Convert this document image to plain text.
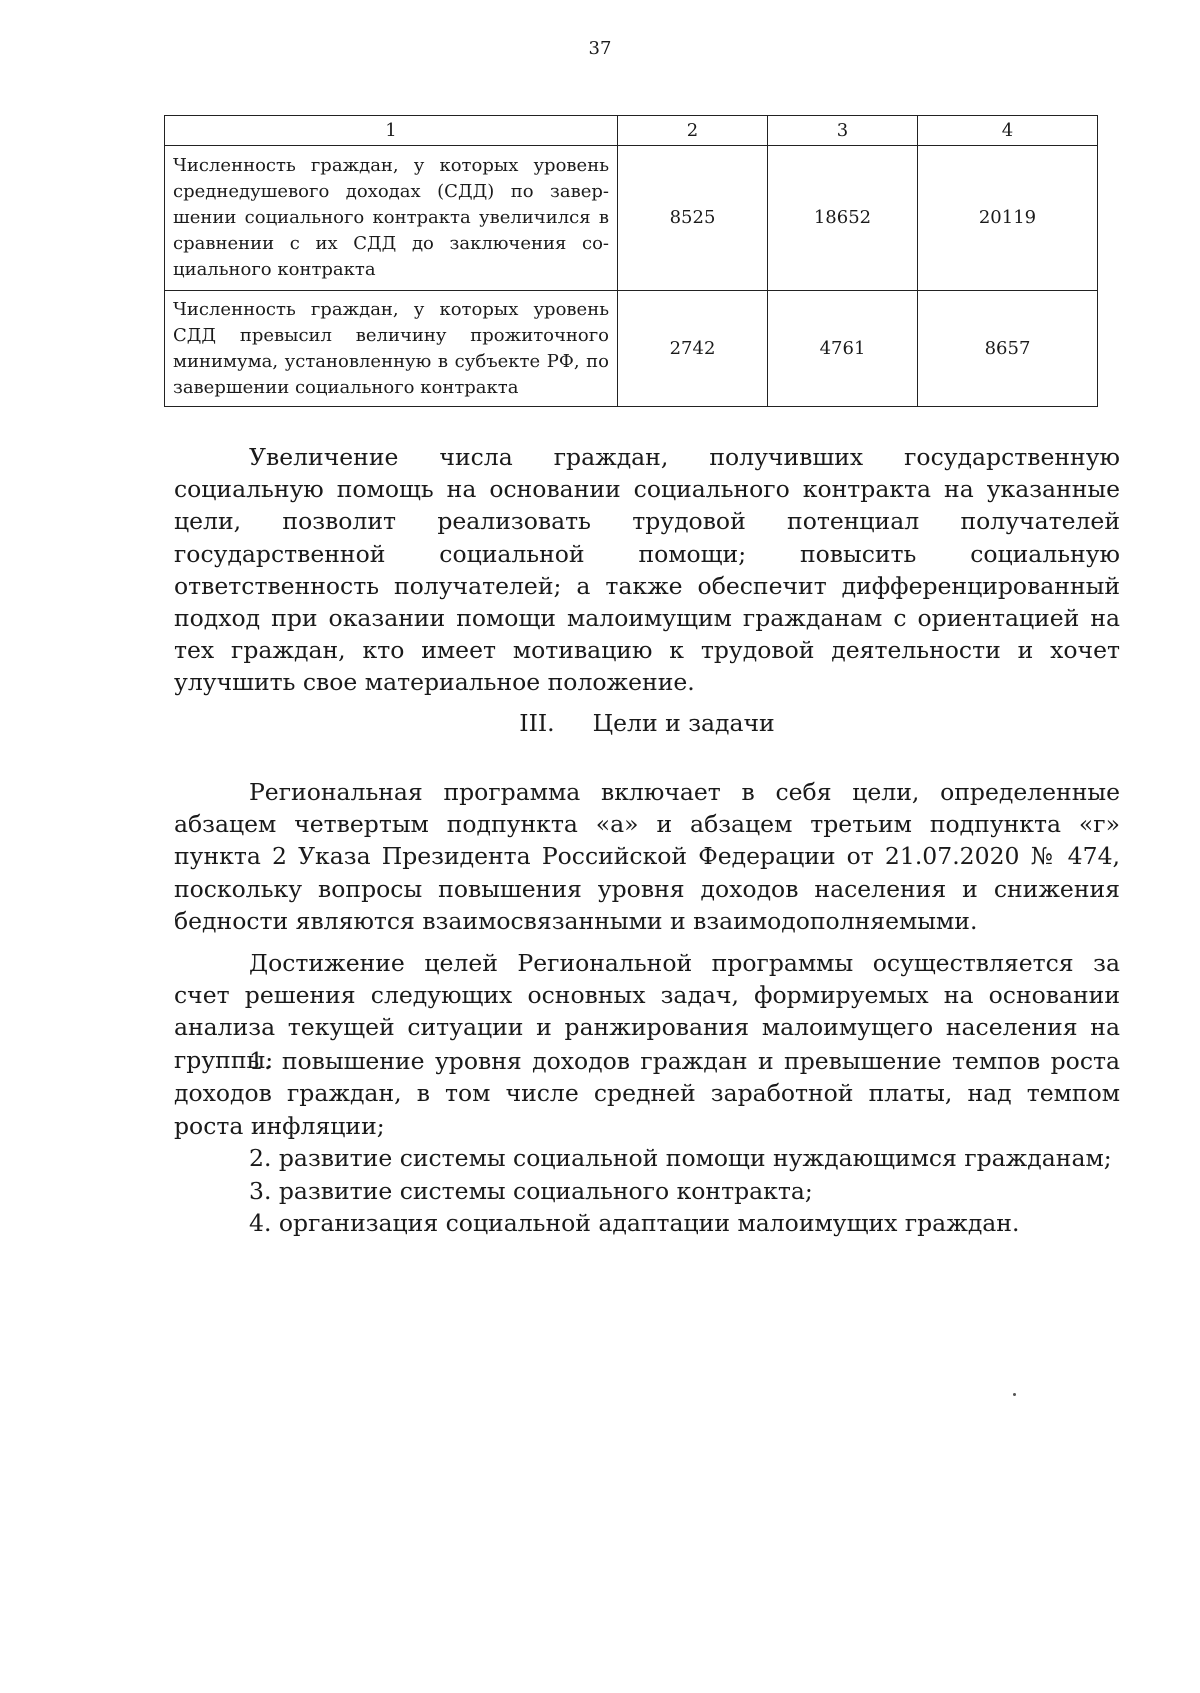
37
1	2	3	4
Численность граждан, у которых уровень среднедушевого доходах (СДД) по завершении социального контракта увеличился в сравнении с их СДД до заключения социального контракта	8525	18652	20119
Численность граждан, у которых уровень СДД превысил величину прожиточного минимума, установленную в субъекте РФ, по завершении социального контракта	2742	4761	8657

Увеличение числа граждан, получивших государственную социальную помощь на основании социального контракта на указанные цели, позволит реализовать трудовой потенциал получателей государственной социальной помощи; повысить социальную ответственность получателей; а также обеспечит дифференцированный подход при оказании помощи малоимущим гражданам с ориентацией на тех граждан, кто имеет мотивацию к трудовой деятельности и хочет улучшить свое материальное положение.

III. Цели и задачи

Региональная программа включает в себя цели, определенные абзацем четвертым подпункта «а» и абзацем третьим подпункта «г» пункта 2 Указа Президента Российской Федерации от 21.07.2020 № 474, поскольку вопросы повышения уровня доходов населения и снижения бедности являются взаимосвязанными и взаимодополняемыми.

Достижение целей Региональной программы осуществляется за счет решения следующих основных задач, формируемых на основании анализа текущей ситуации и ранжирования малоимущего населения на группы:

1. повышение уровня доходов граждан и превышение темпов роста доходов граждан, в том числе средней заработной платы, над темпом роста инфляции;
2. развитие системы социальной помощи нуждающимся гражданам;
3. развитие системы социального контракта;
4. организация социальной адаптации малоимущих граждан.
